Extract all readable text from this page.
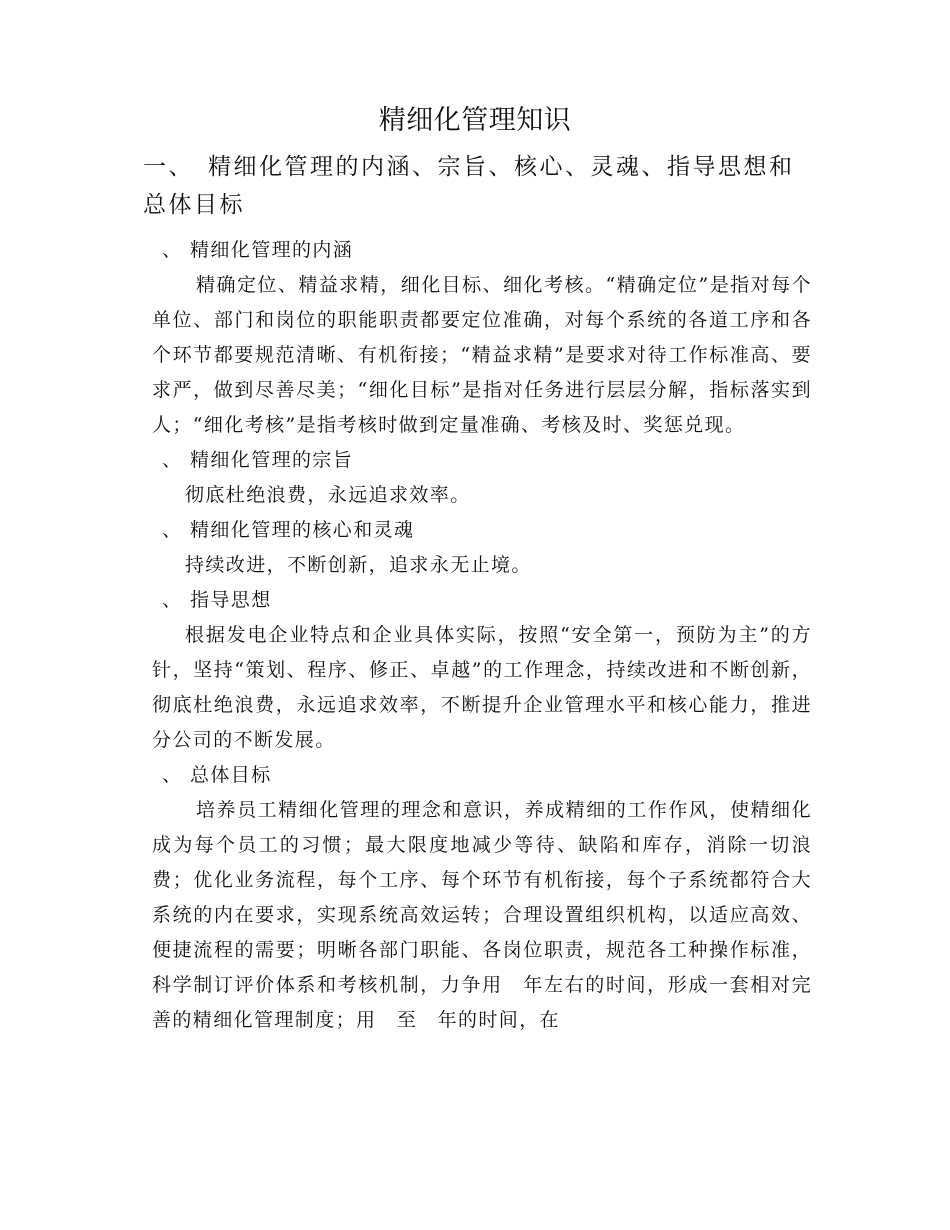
精细化管理知识
一、 精细化管理的内涵、宗旨、核心、灵魂、指导思想和总体目标
、 精细化管理的内涵

精确定位、精益求精，细化目标、细化考核。“精确定位”是指对每个单位、部门和岗位的职能职责都要定位准确，对每个系统的各道工序和各个环节都要规范清晰、有机衔接；“精益求精”是要求对待工作标准高、要求严，做到尽善尽美；“细化目标”是指对任务进行层层分解，指标落实到人；“细化考核”是指考核时做到定量准确、考核及时、奖惩兑现。

、 精细化管理的宗旨
彻底杜绝浪费，永远追求效率。
、 精细化管理的核心和灵魂
持续改进，不断创新，追求永无止境。
、 指导思想

根据发电企业特点和企业具体实际，按照“安全第一，预防为主”的方针，坚持“策划、程序、修正、卓越”的工作理念，持续改进和不断创新，彻底杜绝浪费，永远追求效率，不断提升企业管理水平和核心能力，推进分公司的不断发展。

、 总体目标

培养员工精细化管理的理念和意识，养成精细的工作作风，使精细化成为每个员工的习惯；最大限度地减少等待、缺陷和库存，消除一切浪费；优化业务流程，每个工序、每个环节有机衔接，每个子系统都符合大系统的内在要求，实现系统高效运转；合理设置组织机构，以适应高效、便捷流程的需要；明晰各部门职能、各岗位职责，规范各工种操作标准，科学制订评价体系和考核机制，力争用　年左右的时间，形成一套相对完善的精细化管理制度；用　至　年的时间，在
